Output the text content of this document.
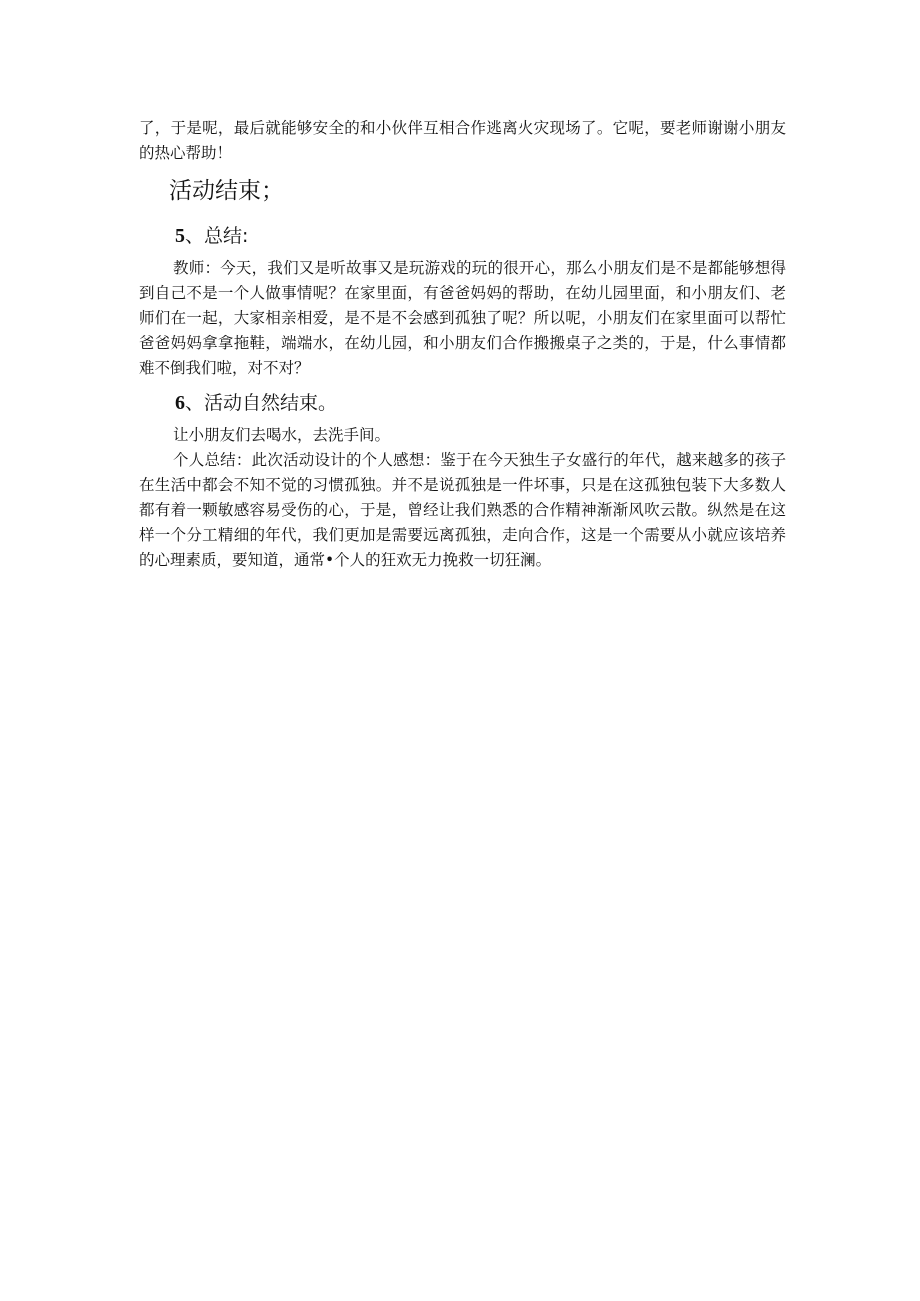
了，于是呢，最后就能够安全的和小伙伴互相合作逃离火灾现场了。它呢，要老师谢谢小朋友的热心帮助！

活动结束；
5、总结:

教师：今天，我们又是听故事又是玩游戏的玩的很开心，那么小朋友们是不是都能够想得到自己不是一个人做事情呢？在家里面，有爸爸妈妈的帮助，在幼儿园里面，和小朋友们、老师们在一起，大家相亲相爱，是不是不会感到孤独了呢？所以呢，小朋友们在家里面可以帮忙爸爸妈妈拿拿拖鞋，端端水，在幼儿园，和小朋友们合作搬搬桌子之类的，于是，什么事情都难不倒我们啦，对不对？

6、活动自然结束。

让小朋友们去喝水，去洗手间。

个人总结：此次活动设计的个人感想：鉴于在今天独生子女盛行的年代，越来越多的孩子在生活中都会不知不觉的习惯孤独。并不是说孤独是一件坏事，只是在这孤独包装下大多数人都有着一颗敏感容易受伤的心，于是，曾经让我们熟悉的合作精神渐渐风吹云散。纵然是在这样一个分工精细的年代，我们更加是需要远离孤独，走向合作，这是一个需要从小就应该培养的心理素质，要知道，通常•个人的狂欢无力挽救一切狂澜。
